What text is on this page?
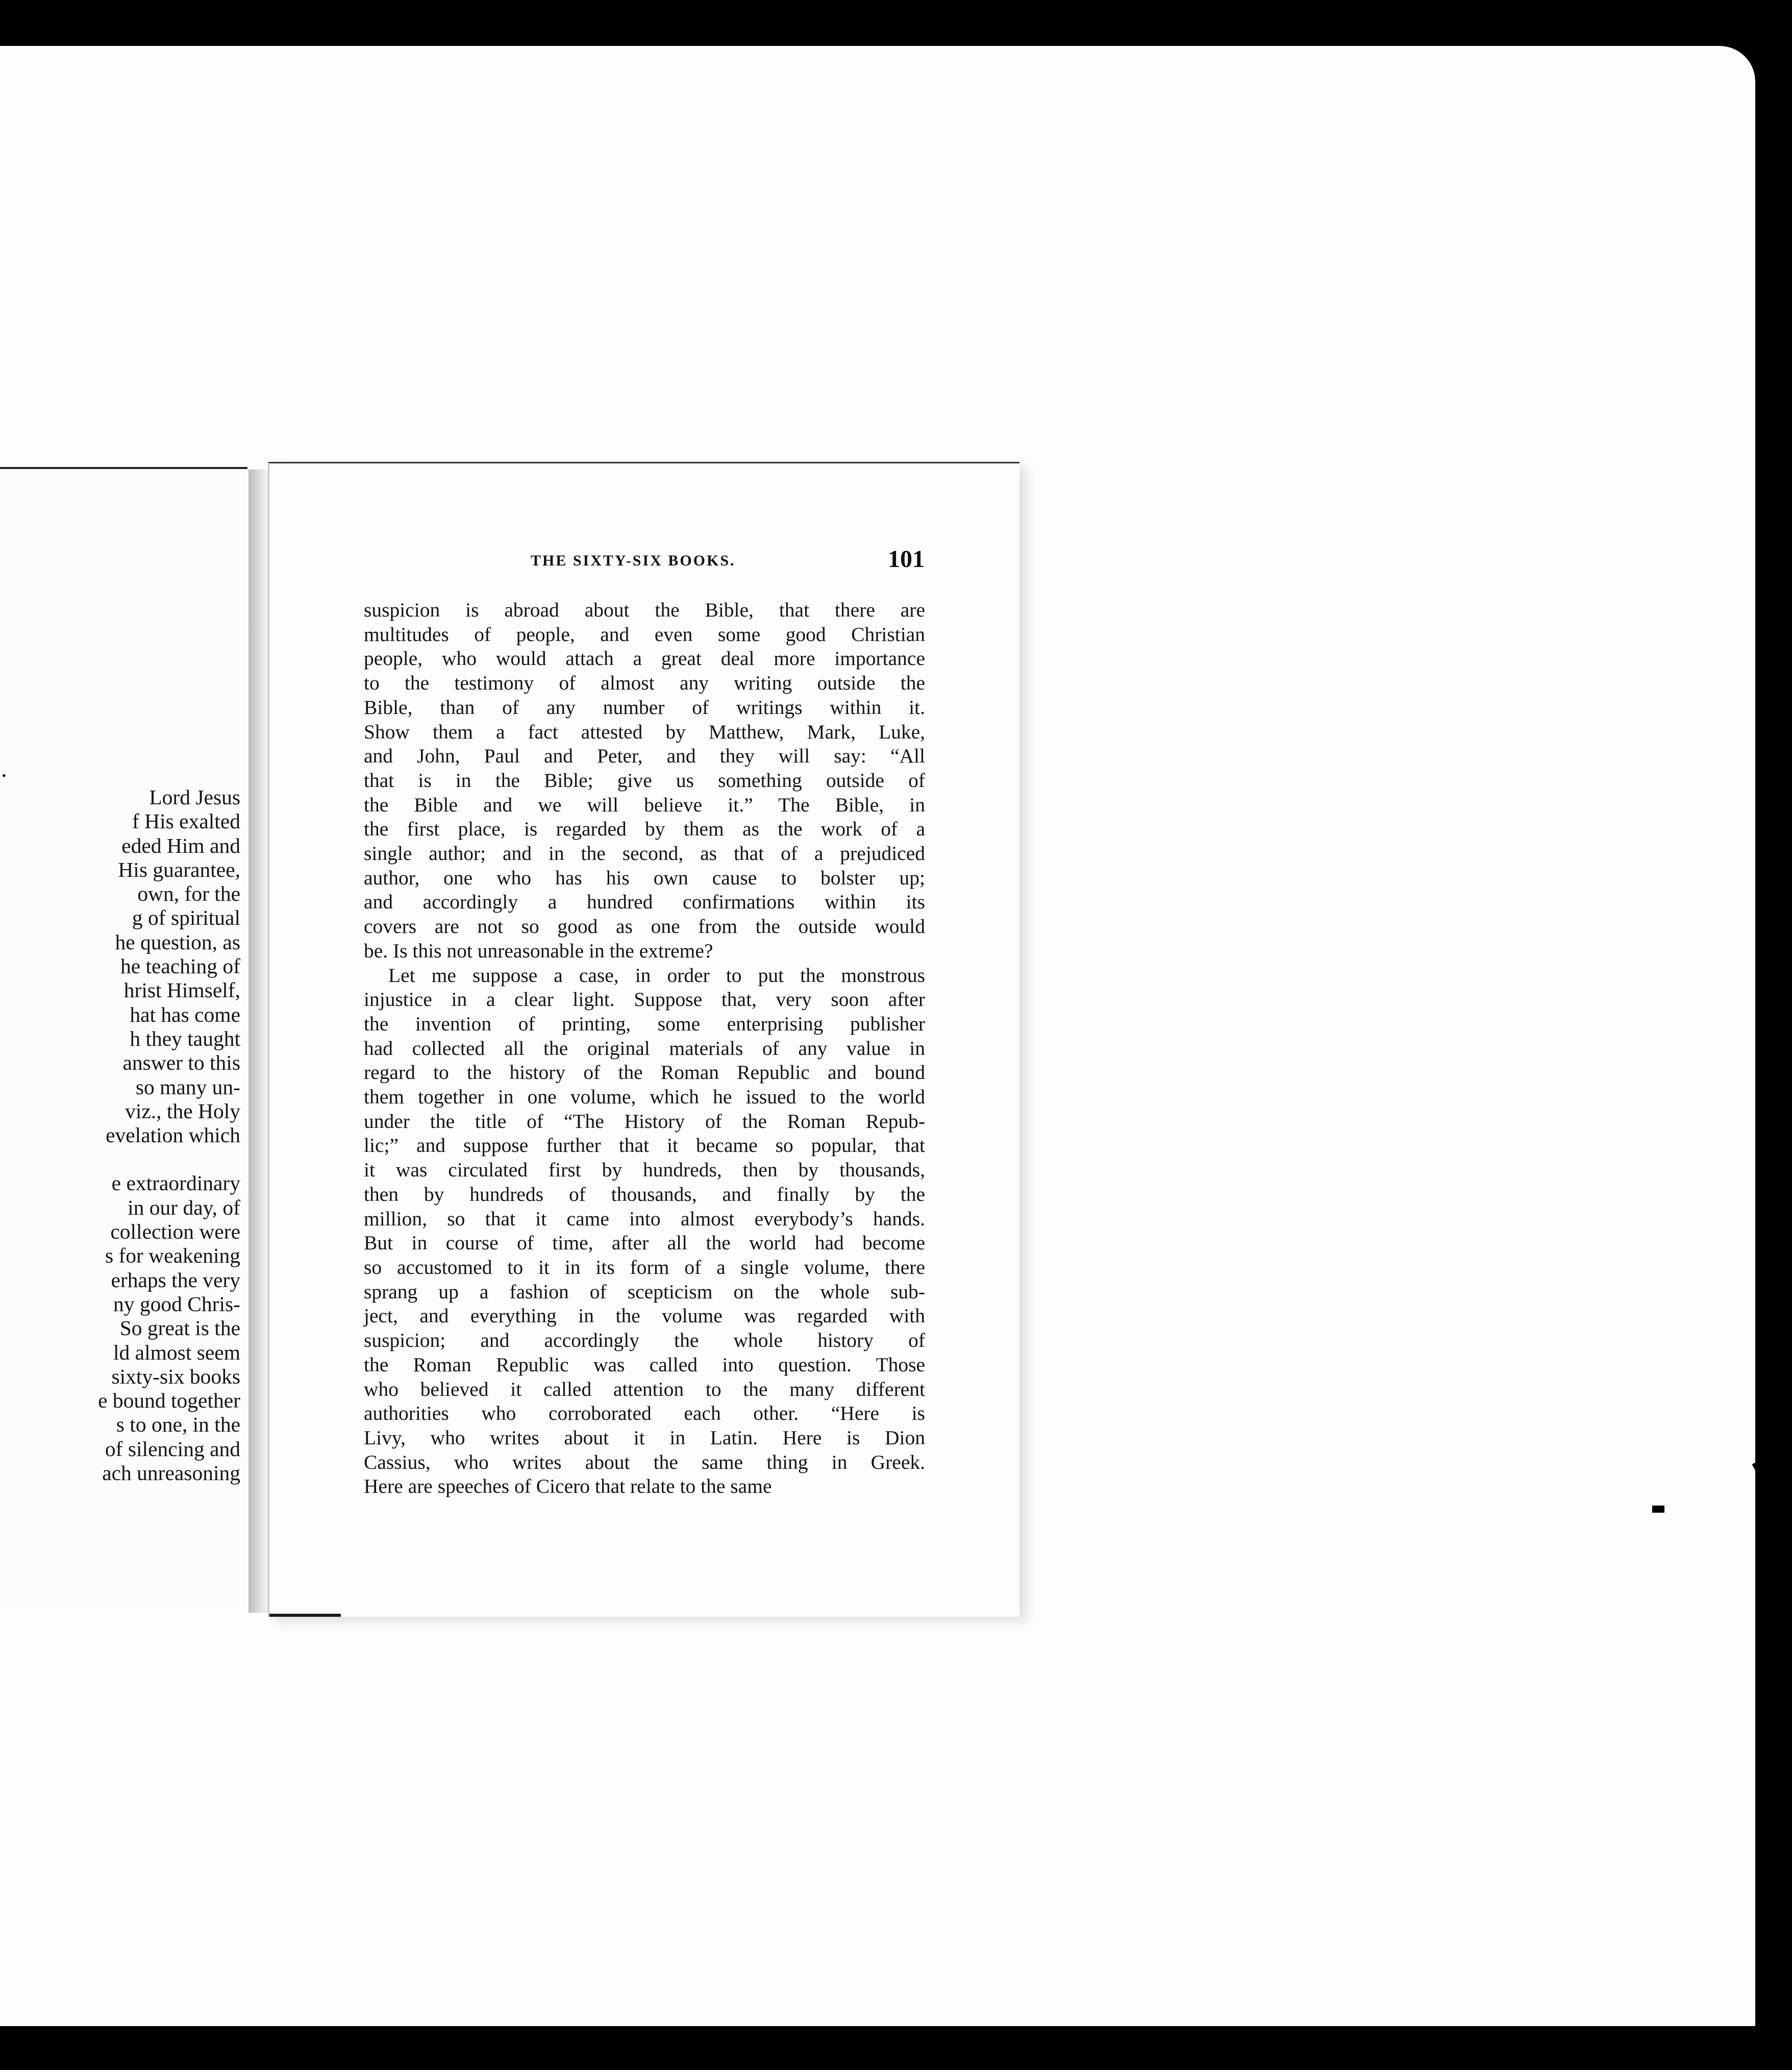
.
Lord Jesus
f His exalted
eded Him and
His guarantee,
own, for the
g of spiritual
he question, as
he teaching of
hrist Himself,
hat has come
h they taught
answer to this
so many un-
viz., the Holy
evelation which
e extraordinary
in our day, of
collection were
s for weakening
erhaps the very
ny good Chris-
So great is the
ld almost seem
sixty-six books
e bound together
s to one, in the
of silencing and
ach unreasoning
THE SIXTY-SIX BOOKS.	101
suspicion is abroad about the Bible, that there are
multitudes of people, and even some good Christian
people, who would attach a great deal more importance
to the testimony of almost any writing outside the
Bible, than of any number of writings within it.
Show them a fact attested by Matthew, Mark, Luke,
and John, Paul and Peter, and they will say: “All
that is in the Bible; give us something outside of
the Bible and we will believe it.” The Bible, in
the first place, is regarded by them as the work of a
single author; and in the second, as that of a prejudiced
author, one who has his own cause to bolster up;
and accordingly a hundred confirmations within its
covers are not so good as one from the outside would
be. Is this not unreasonable in the extreme?
Let me suppose a case, in order to put the monstrous
injustice in a clear light. Suppose that, very soon after
the invention of printing, some enterprising publisher
had collected all the original materials of any value in
regard to the history of the Roman Republic and bound
them together in one volume, which he issued to the world
under the title of “The History of the Roman Repub-
lic;” and suppose further that it became so popular, that
it was circulated first by hundreds, then by thousands,
then by hundreds of thousands, and finally by the
million, so that it came into almost everybody’s hands.
But in course of time, after all the world had become
so accustomed to it in its form of a single volume, there
sprang up a fashion of scepticism on the whole sub-
ject, and everything in the volume was regarded with
suspicion; and accordingly the whole history of
the Roman Republic was called into question. Those
who believed it called attention to the many different
authorities who corroborated each other. “Here is
Livy, who writes about it in Latin. Here is Dion
Cassius, who writes about the same thing in Greek.
Here are speeches of Cicero that relate to the same
